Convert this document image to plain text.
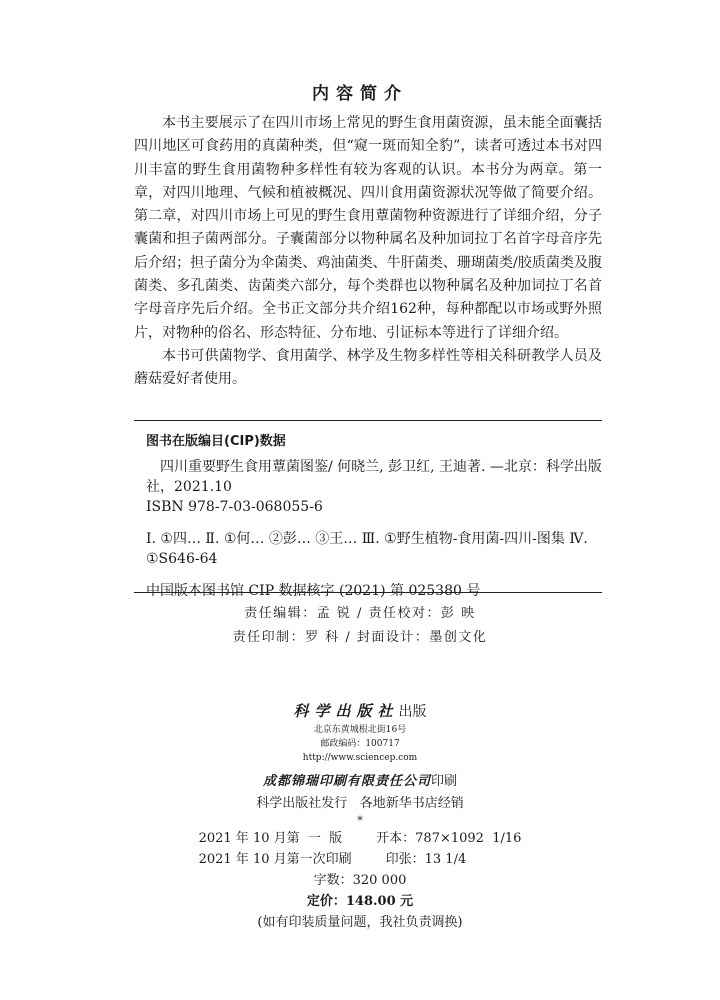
内容简介

本书主要展示了在四川市场上常见的野生食用菌资源，虽未能全面囊括四川地区可食药用的真菌种类，但“窥一斑而知全豹”，读者可透过本书对四川丰富的野生食用菌物种多样性有较为客观的认识。本书分为两章。第一章，对四川地理、气候和植被概况、四川食用菌资源状况等做了简要介绍。第二章，对四川市场上可见的野生食用蕈菌物种资源进行了详细介绍，分子囊菌和担子菌两部分。子囊菌部分以物种属名及种加词拉丁名首字母音序先后介绍；担子菌分为伞菌类、鸡油菌类、牛肝菌类、珊瑚菌类/胶质菌类及腹菌类、多孔菌类、齿菌类六部分，每个类群也以物种属名及种加词拉丁名首字母音序先后介绍。全书正文部分共介绍162种，每种都配以市场或野外照片，对物种的俗名、形态特征、分布地、引证标本等进行了详细介绍。

本书可供菌物学、食用菌学、林学及生物多样性等相关科研教学人员及蘑菇爱好者使用。

图书在版编目(CIP)数据
四川重要野生食用蕈菌图鉴/ 何晓兰, 彭卫红, 王迪著. —北京：科学出版社，2021.10
ISBN 978-7-03-068055-6
Ⅰ. ①四… Ⅱ. ①何… ②彭… ③王… Ⅲ. ①野生植物-食用菌-四川-图集 Ⅳ. ①S646-64
中国版本图书馆 CIP 数据核字 (2021) 第 025380 号
责任编辑：孟 锐 / 责任校对：彭 映
责任印制：罗 科 / 封面设计：墨创文化
科学出版社出版
北京东黄城根北街16号
邮政编码：100717
http://www.sciencep.com
成都锦瑞印刷有限责任公司印刷
科学出版社发行   各地新华书店经销
*
2021 年 10 月第  一  版	开本：787×1092  1/16
2021 年 10 月第一次印刷	印张：13 1/4
字数：320 000
定价：148.00 元
(如有印装质量问题，我社负责调换)
